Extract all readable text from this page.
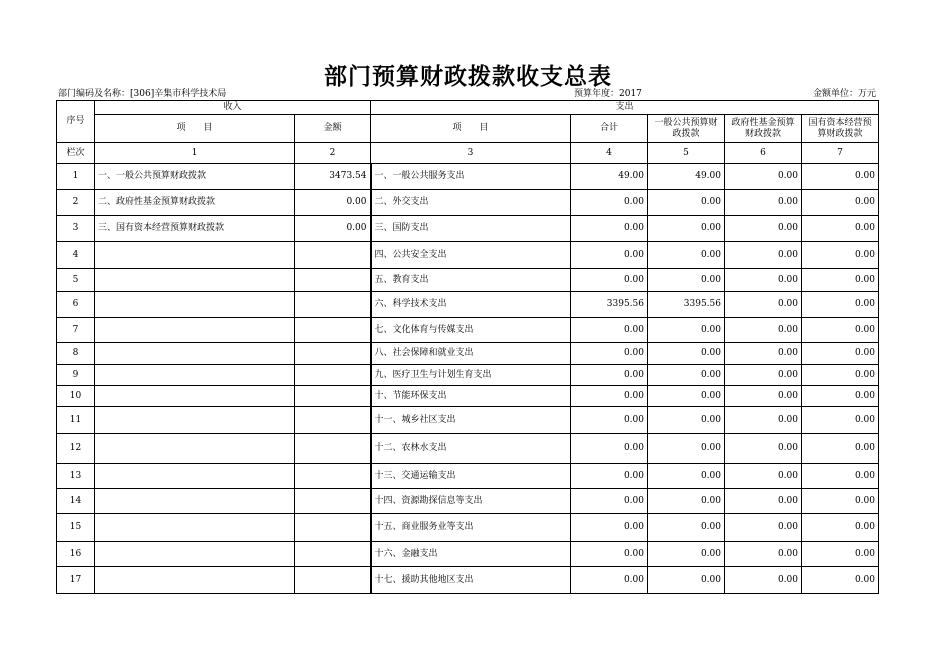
部门预算财政拨款收支总表
部门编码及名称：[306]辛集市科学技术局	预算年度：2017	金额单位：万元
序号	收入		支出				
	项　　目	金额	项　　目	合计	一般公共预算财政拨款	政府性基金预算财政拨款	国有资本经营预算财政拨款
栏次	1	2	3	4	5	6	7
1	一、一般公共预算财政拨款	3473.54	一、一般公共服务支出	49.00	49.00	0.00	0.00
2	二、政府性基金预算财政拨款	0.00	二、外交支出	0.00	0.00	0.00	0.00
3	三、国有资本经营预算财政拨款	0.00	三、国防支出	0.00	0.00	0.00	0.00
4			四、公共安全支出	0.00	0.00	0.00	0.00
5			五、教育支出	0.00	0.00	0.00	0.00
6			六、科学技术支出	3395.56	3395.56	0.00	0.00
7			七、文化体育与传媒支出	0.00	0.00	0.00	0.00
8			八、社会保障和就业支出	0.00	0.00	0.00	0.00
9			九、医疗卫生与计划生育支出	0.00	0.00	0.00	0.00
10			十、节能环保支出	0.00	0.00	0.00	0.00
11			十一、城乡社区支出	0.00	0.00	0.00	0.00
12			十二、农林水支出	0.00	0.00	0.00	0.00
13			十三、交通运输支出	0.00	0.00	0.00	0.00
14			十四、资源勘探信息等支出	0.00	0.00	0.00	0.00
15			十五、商业服务业等支出	0.00	0.00	0.00	0.00
16			十六、金融支出	0.00	0.00	0.00	0.00
17			十七、援助其他地区支出	0.00	0.00	0.00	0.00
